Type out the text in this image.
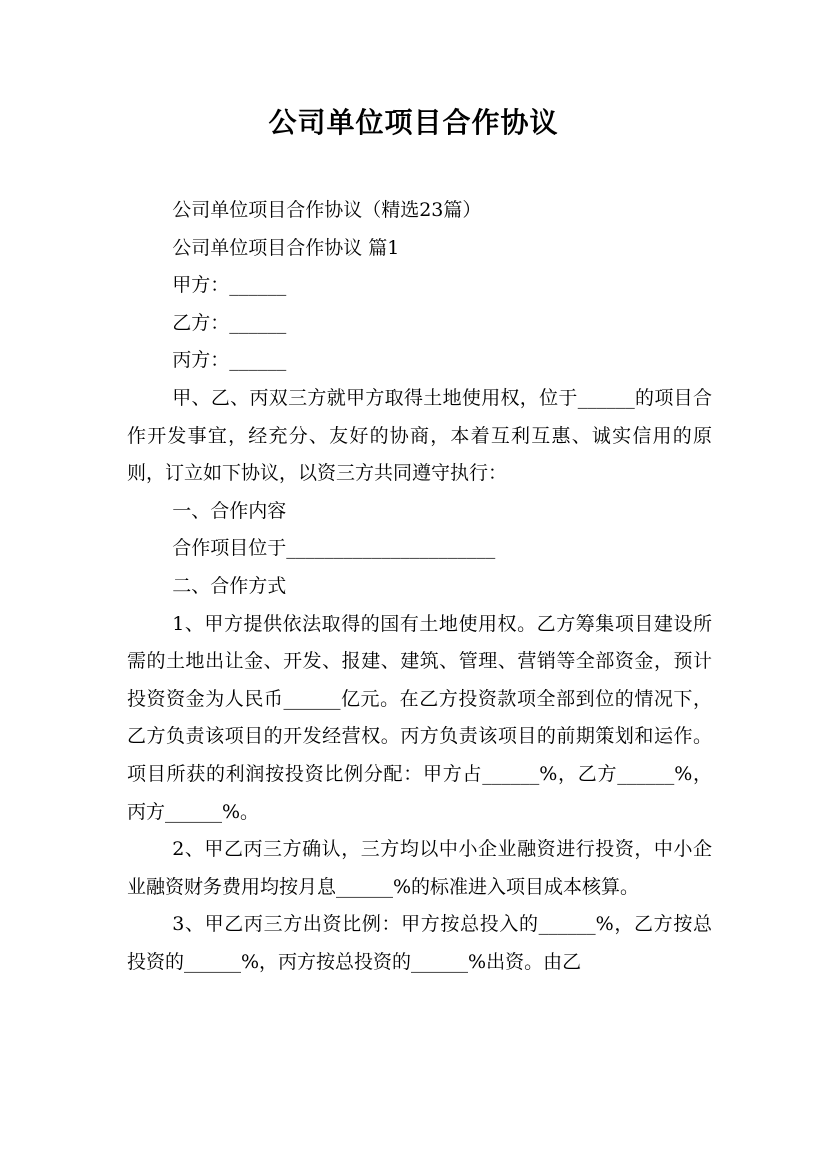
公司单位项目合作协议

公司单位项目合作协议（精选23篇）

公司单位项目合作协议 篇1

甲方：______

乙方：______

丙方：______

甲、乙、丙双三方就甲方取得土地使用权，位于______的项目合作开发事宜，经充分、友好的协商，本着互利互惠、诚实信用的原则，订立如下协议，以资三方共同遵守执行：

一、合作内容

合作项目位于______________________

二、合作方式

1、甲方提供依法取得的国有土地使用权。乙方筹集项目建设所需的土地出让金、开发、报建、建筑、管理、营销等全部资金，预计投资资金为人民币______亿元。在乙方投资款项全部到位的情况下，乙方负责该项目的开发经营权。丙方负责该项目的前期策划和运作。项目所获的利润按投资比例分配：甲方占______%，乙方______%，丙方______%。

2、甲乙丙三方确认，三方均以中小企业融资进行投资，中小企业融资财务费用均按月息______%的标准进入项目成本核算。

3、甲乙丙三方出资比例：甲方按总投入的______%，乙方按总投资的______%，丙方按总投资的______%出资。由乙
